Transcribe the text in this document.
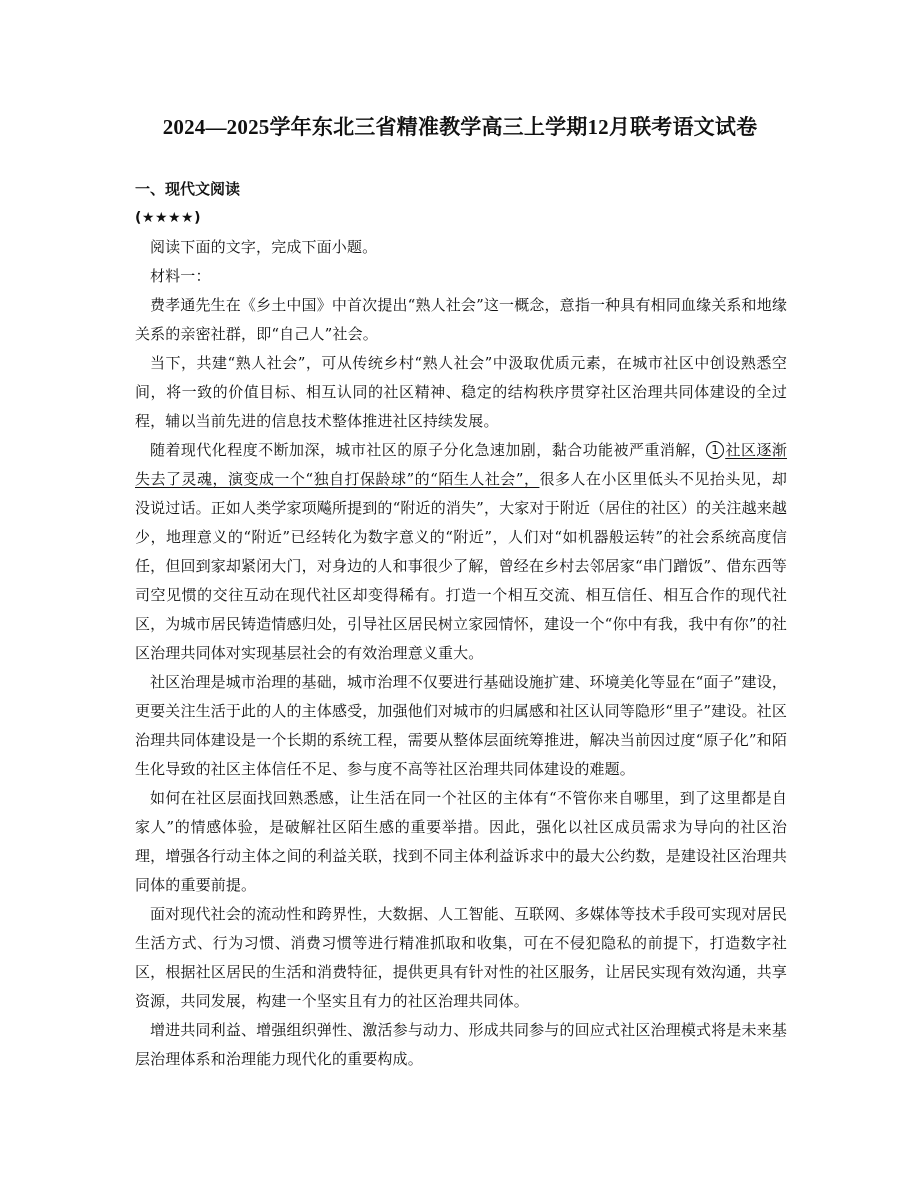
2024—2025学年东北三省精准教学高三上学期12月联考语文试卷
一、现代文阅读
(★★★★)

阅读下面的文字，完成下面小题。

材料一：

费孝通先生在《乡土中国》中首次提出“熟人社会”这一概念，意指一种具有相同血缘关系和地缘关系的亲密社群，即“自己人”社会。

当下，共建“熟人社会”，可从传统乡村“熟人社会”中汲取优质元素，在城市社区中创设熟悉空间，将一致的价值目标、相互认同的社区精神、稳定的结构秩序贯穿社区治理共同体建设的全过程，辅以当前先进的信息技术整体推进社区持续发展。

随着现代化程度不断加深，城市社区的原子分化急速加剧，黏合功能被严重消解， 1 社区逐渐失去了灵魂，演变成一个“独自打保龄球”的“陌生人社会”，很多人在小区里低头不见抬头见，却没说过话。正如人类学家项飚所提到的“附近的消失”，大家对于附近（居住的社区）的关注越来越少，地理意义的“附近”已经转化为数字意义的“附近”，人们对“如机器般运转”的社会系统高度信任，但回到家却紧闭大门，对身边的人和事很少了解，曾经在乡村去邻居家“串门蹭饭”、借东西等司空见惯的交往互动在现代社区却变得稀有。打造一个相互交流、相互信任、相互合作的现代社区，为城市居民铸造情感归处，引导社区居民树立家园情怀，建设一个“你中有我，我中有你”的社区治理共同体对实现基层社会的有效治理意义重大。

社区治理是城市治理的基础，城市治理不仅要进行基础设施扩建、环境美化等显在“面子”建设，更要关注生活于此的人的主体感受，加强他们对城市的归属感和社区认同等隐形“里子”建设。社区治理共同体建设是一个长期的系统工程，需要从整体层面统筹推进，解决当前因过度“原子化”和陌生化导致的社区主体信任不足、参与度不高等社区治理共同体建设的难题。

如何在社区层面找回熟悉感，让生活在同一个社区的主体有“不管你来自哪里，到了这里都是自家人”的情感体验，是破解社区陌生感的重要举措。因此，强化以社区成员需求为导向的社区治理，增强各行动主体之间的利益关联，找到不同主体利益诉求中的最大公约数，是建设社区治理共同体的重要前提。

面对现代社会的流动性和跨界性，大数据、人工智能、互联网、多媒体等技术手段可实现对居民生活方式、行为习惯、消费习惯等进行精准抓取和收集，可在不侵犯隐私的前提下，打造数字社区，根据社区居民的生活和消费特征，提供更具有针对性的社区服务，让居民实现有效沟通，共享资源，共同发展，构建一个坚实且有力的社区治理共同体。

增进共同利益、增强组织弹性、激活参与动力、形成共同参与的回应式社区治理模式将是未来基层治理体系和治理能力现代化的重要构成。
